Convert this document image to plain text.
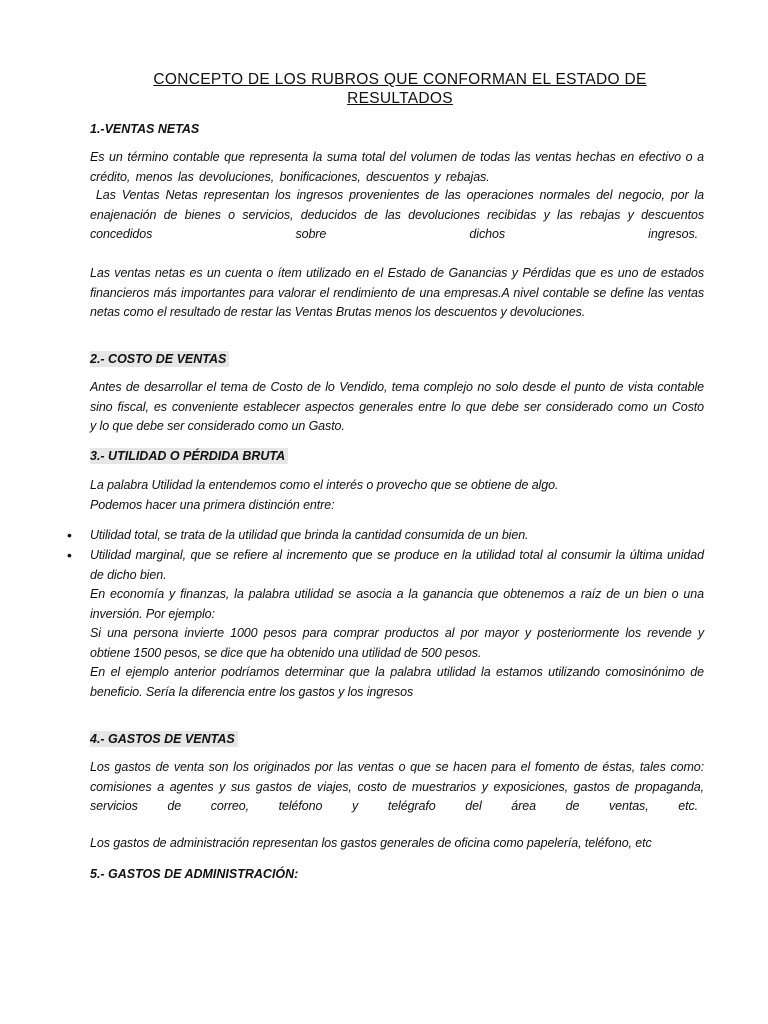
CONCEPTO DE LOS RUBROS QUE CONFORMAN EL ESTADO DE
RESULTADOS
1.-VENTAS NETAS
Es un término contable que representa la suma total del volumen de todas las ventas hechas en efectivo o a
crédito, menos las devoluciones, bonificaciones, descuentos y rebajas.
Las Ventas Netas representan los ingresos provenientes de las operaciones normales del negocio, por la
enajenación de bienes o servicios, deducidos de las devoluciones recibidas y las rebajas y descuentos
concedidos sobre dichos ingresos.
Las ventas netas es un cuenta o ítem utilizado en el Estado de Ganancias y Pérdidas que es uno de estados
financieros más importantes para valorar el rendimiento de una empresas.A nivel contable se define las ventas
netas como el resultado de restar las Ventas Brutas menos los descuentos y devoluciones.
2.- COSTO DE VENTAS
Antes de desarrollar el tema de Costo de lo Vendido, tema complejo no solo desde el punto de vista contable
sino fiscal, es conveniente establecer aspectos generales entre lo que debe ser considerado como un Costo
y lo que debe ser considerado como un Gasto.
3.- UTILIDAD O PÉRDIDA BRUTA
La palabra Utilidad la entendemos como el interés o provecho que se obtiene de algo.
Podemos hacer una primera distinción entre:
• Utilidad total, se trata de la utilidad que brinda la cantidad consumida de un bien.
• Utilidad marginal, que se refiere al incremento que se produce en la utilidad total al consumir la última unidad
de dicho bien.
En economía y finanzas, la palabra utilidad se asocia a la ganancia que obtenemos a raíz de un bien o una
inversión. Por ejemplo:
Si una persona invierte 1000 pesos para comprar productos al por mayor y posteriormente los revende y
obtiene 1500 pesos, se dice que ha obtenido una utilidad de 500 pesos.
En el ejemplo anterior podríamos determinar que la palabra utilidad la estamos utilizando comosinónimo de
beneficio. Sería la diferencia entre los gastos y los ingresos
4.- GASTOS DE VENTAS
Los gastos de venta son los originados por las ventas o que se hacen para el fomento de éstas, tales como:
comisiones a agentes y sus gastos de viajes, costo de muestrarios y exposiciones, gastos de propaganda,
servicios de correo, teléfono y telégrafo del área de ventas, etc.
Los gastos de administración representan los gastos generales de oficina como papelería, teléfono, etc
5.- GASTOS DE ADMINISTRACIÓN:
